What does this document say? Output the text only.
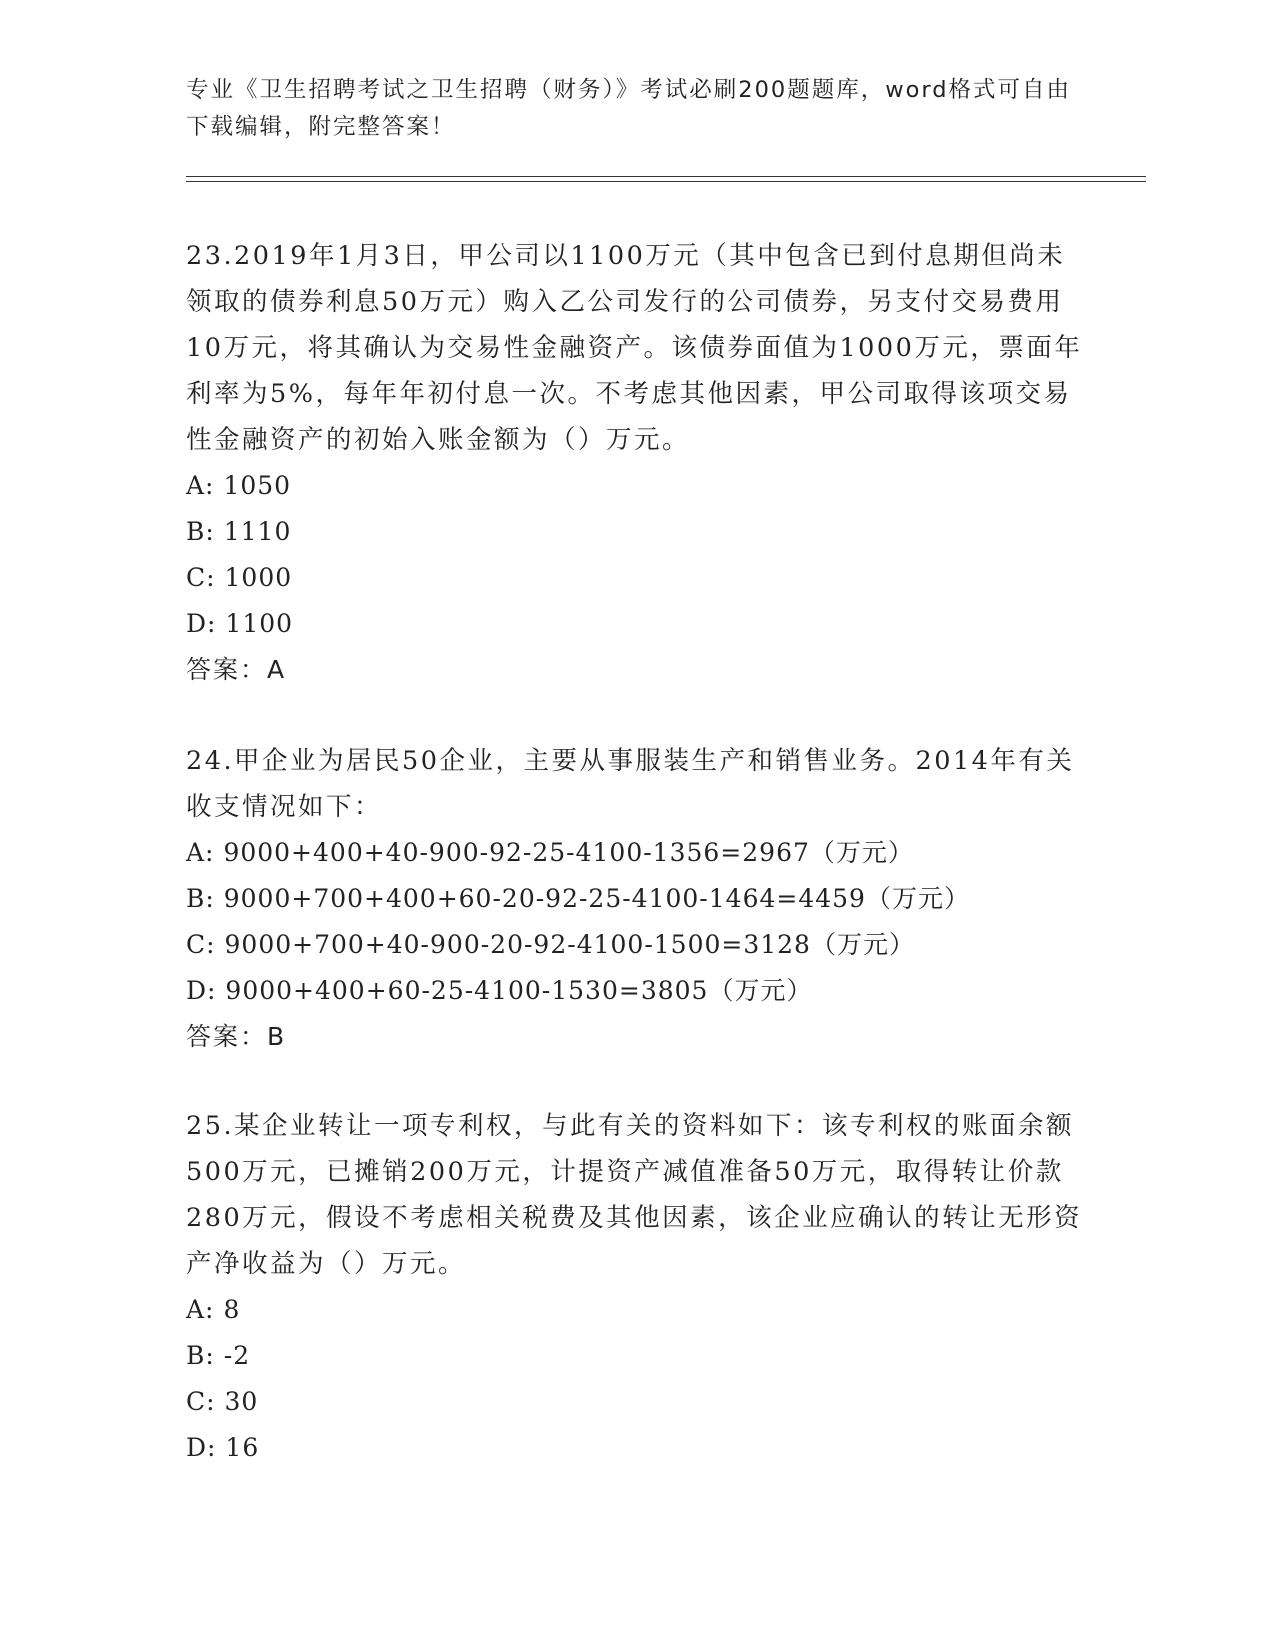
专业《卫生招聘考试之卫生招聘（财务）》考试必刷200题题库，word格式可自由下载编辑，附完整答案！

23.2019年1月3日，甲公司以1100万元（其中包含已到付息期但尚未领取的债券利息50万元）购入乙公司发行的公司债券，另支付交易费用10万元，将其确认为交易性金融资产。该债券面值为1000万元，票面年利率为5%，每年年初付息一次。不考虑其他因素，甲公司取得该项交易性金融资产的初始入账金额为（）万元。

A: 1050
B: 1110
C: 1000
D: 1100
答案：A

24.甲企业为居民50企业，主要从事服装生产和销售业务。2014年有关收支情况如下：

A: 9000+400+40-900-92-25-4100-1356=2967（万元）
B: 9000+700+400+60-20-92-25-4100-1464=4459（万元）
C: 9000+700+40-900-20-92-4100-1500=3128（万元）
D: 9000+400+60-25-4100-1530=3805（万元）
答案：B

25.某企业转让一项专利权，与此有关的资料如下：该专利权的账面余额500万元，已摊销200万元，计提资产减值准备50万元，取得转让价款280万元，假设不考虑相关税费及其他因素，该企业应确认的转让无形资产净收益为（）万元。

A: 8
B: -2
C: 30
D: 16
